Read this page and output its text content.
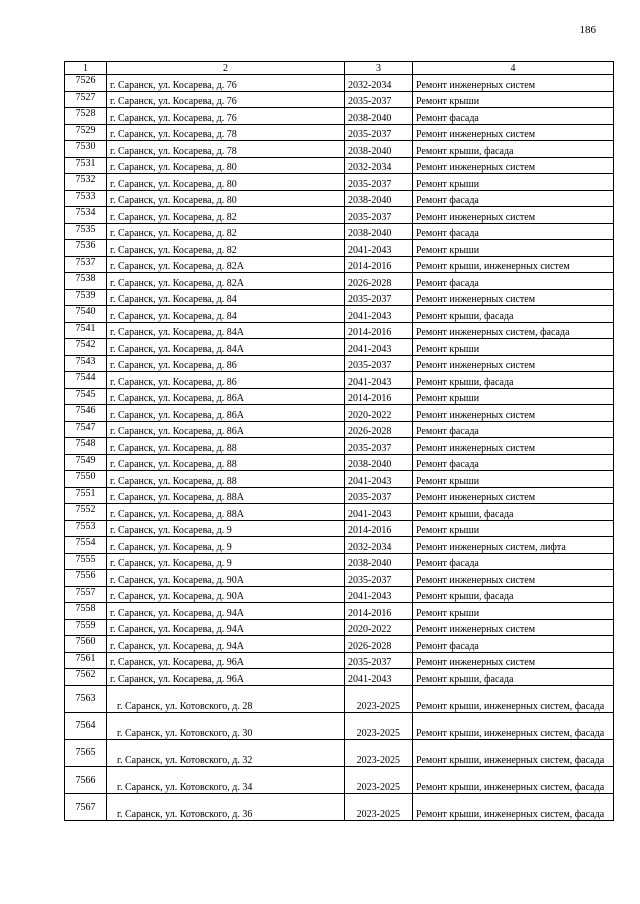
186
1	2	3	4
7526	г. Саранск, ул. Косарева, д. 76	2032-2034	Ремонт инженерных систем
7527	г. Саранск, ул. Косарева, д. 76	2035-2037	Ремонт крыши
7528	г. Саранск, ул. Косарева, д. 76	2038-2040	Ремонт фасада
7529	г. Саранск, ул. Косарева, д. 78	2035-2037	Ремонт инженерных систем
7530	г. Саранск, ул. Косарева, д. 78	2038-2040	Ремонт крыши, фасада
7531	г. Саранск, ул. Косарева, д. 80	2032-2034	Ремонт инженерных систем
7532	г. Саранск, ул. Косарева, д. 80	2035-2037	Ремонт крыши
7533	г. Саранск, ул. Косарева, д. 80	2038-2040	Ремонт фасада
7534	г. Саранск, ул. Косарева, д. 82	2035-2037	Ремонт инженерных систем
7535	г. Саранск, ул. Косарева, д. 82	2038-2040	Ремонт фасада
7536	г. Саранск, ул. Косарева, д. 82	2041-2043	Ремонт крыши
7537	г. Саранск, ул. Косарева, д. 82А	2014-2016	Ремонт крыши, инженерных систем
7538	г. Саранск, ул. Косарева, д. 82А	2026-2028	Ремонт фасада
7539	г. Саранск, ул. Косарева, д. 84	2035-2037	Ремонт инженерных систем
7540	г. Саранск, ул. Косарева, д. 84	2041-2043	Ремонт крыши, фасада
7541	г. Саранск, ул. Косарева, д. 84А	2014-2016	Ремонт инженерных систем, фасада
7542	г. Саранск, ул. Косарева, д. 84А	2041-2043	Ремонт крыши
7543	г. Саранск, ул. Косарева, д. 86	2035-2037	Ремонт инженерных систем
7544	г. Саранск, ул. Косарева, д. 86	2041-2043	Ремонт крыши, фасада
7545	г. Саранск, ул. Косарева, д. 86А	2014-2016	Ремонт крыши
7546	г. Саранск, ул. Косарева, д. 86А	2020-2022	Ремонт инженерных систем
7547	г. Саранск, ул. Косарева, д. 86А	2026-2028	Ремонт фасада
7548	г. Саранск, ул. Косарева, д. 88	2035-2037	Ремонт инженерных систем
7549	г. Саранск, ул. Косарева, д. 88	2038-2040	Ремонт фасада
7550	г. Саранск, ул. Косарева, д. 88	2041-2043	Ремонт крыши
7551	г. Саранск, ул. Косарева, д. 88А	2035-2037	Ремонт инженерных систем
7552	г. Саранск, ул. Косарева, д. 88А	2041-2043	Ремонт крыши, фасада
7553	г. Саранск, ул. Косарева, д. 9	2014-2016	Ремонт крыши
7554	г. Саранск, ул. Косарева, д. 9	2032-2034	Ремонт инженерных систем, лифта
7555	г. Саранск, ул. Косарева, д. 9	2038-2040	Ремонт фасада
7556	г. Саранск, ул. Косарева, д. 90А	2035-2037	Ремонт инженерных систем
7557	г. Саранск, ул. Косарева, д. 90А	2041-2043	Ремонт крыши, фасада
7558	г. Саранск, ул. Косарева, д. 94А	2014-2016	Ремонт крыши
7559	г. Саранск, ул. Косарева, д. 94А	2020-2022	Ремонт инженерных систем
7560	г. Саранск, ул. Косарева, д. 94А	2026-2028	Ремонт фасада
7561	г. Саранск, ул. Косарева, д. 96А	2035-2037	Ремонт инженерных систем
7562	г. Саранск, ул. Косарева, д. 96А	2041-2043	Ремонт крыши, фасада
7563	г. Саранск, ул. Котовского, д. 28	2023-2025	Ремонт крыши, инженерных систем, фасада
7564	г. Саранск, ул. Котовского, д. 30	2023-2025	Ремонт крыши, инженерных систем, фасада
7565	г. Саранск, ул. Котовского, д. 32	2023-2025	Ремонт крыши, инженерных систем, фасада
7566	г. Саранск, ул. Котовского, д. 34	2023-2025	Ремонт крыши, инженерных систем, фасада
7567	г. Саранск, ул. Котовского, д. 36	2023-2025	Ремонт крыши, инженерных систем, фасада
